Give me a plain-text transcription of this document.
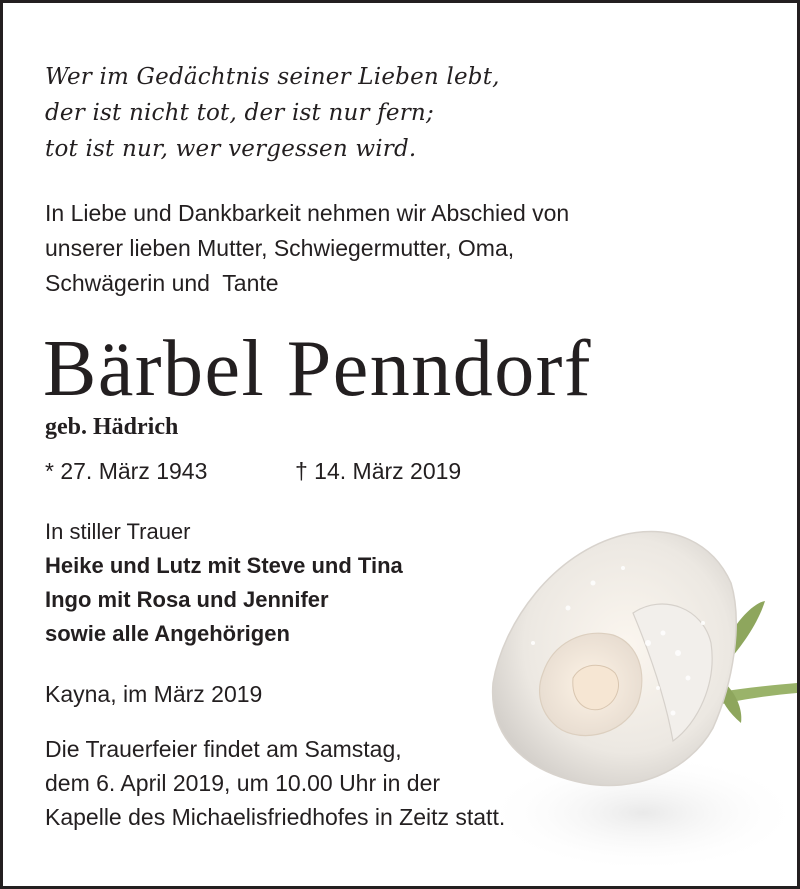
Wer im Gedächtnis seiner Lieben lebt,
der ist nicht tot, der ist nur fern;
tot ist nur, wer vergessen wird.
In Liebe und Dankbarkeit nehmen wir Abschied von
unserer lieben Mutter, Schwiegermutter, Oma,
Schwägerin und  Tante
Bärbel Penndorf
geb. Hädrich
* 27. März 1943	† 14. März 2019
In stiller Trauer
Heike und Lutz mit Steve und Tina
Ingo mit Rosa und Jennifer
sowie alle Angehörigen
Kayna, im März 2019
Die Trauerfeier findet am Samstag,
dem 6. April 2019, um 10.00 Uhr in der
Kapelle des Michaelisfriedhofes in Zeitz statt.
